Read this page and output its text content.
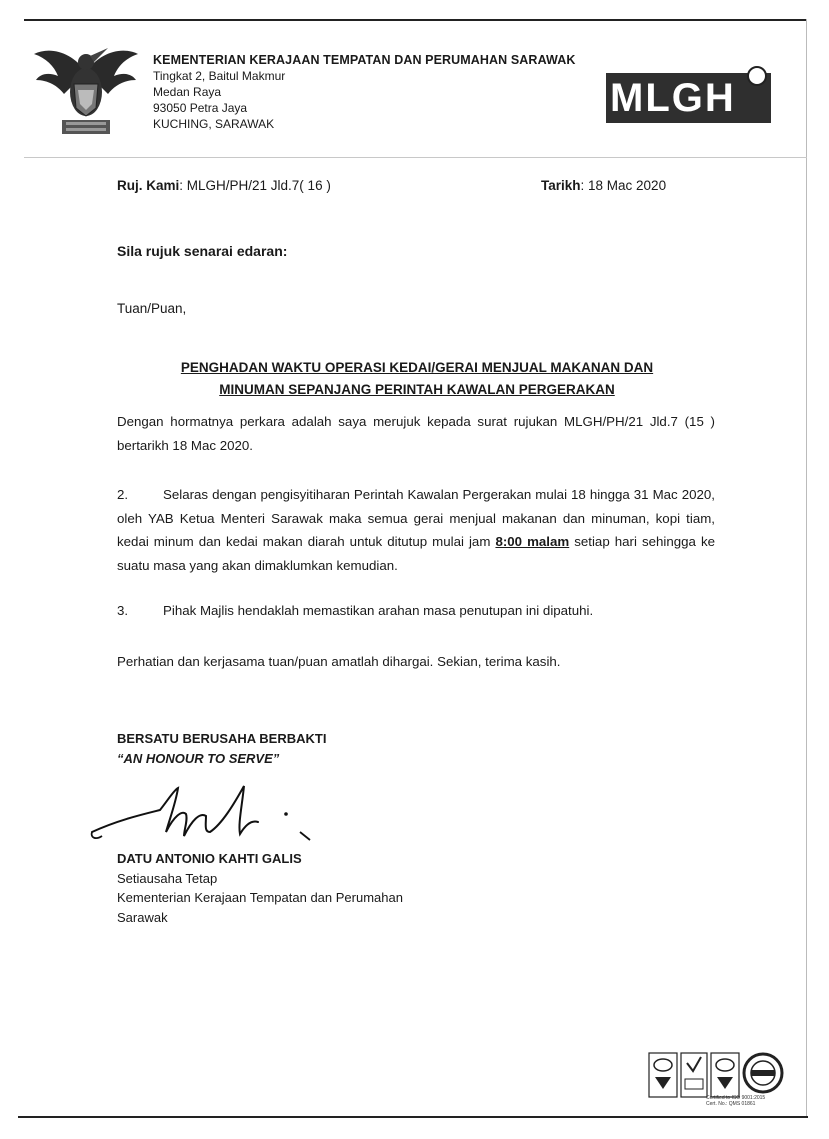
KEMENTERIAN KERAJAAN TEMPATAN DAN PERUMAHAN SARAWAK
Tingkat 2, Baitul Makmur
Medan Raya
93050 Petra Jaya
KUCHING, SARAWAK
MLGH
Ruj. Kami: MLGH/PH/21 Jld.7( 16 )	Tarikh: 18 Mac 2020
Sila rujuk senarai edaran:
Tuan/Puan,
PENGHADAN WAKTU OPERASI KEDAI/GERAI MENJUAL MAKANAN DAN
MINUMAN SEPANJANG PERINTAH KAWALAN PERGERAKAN
Dengan hormatnya perkara adalah saya merujuk kepada surat rujukan MLGH/PH/21 Jld.7 (15 ) bertarikh 18 Mac 2020.
2.	Selaras dengan pengisyitiharan Perintah Kawalan Pergerakan mulai 18 hingga 31 Mac 2020, oleh YAB Ketua Menteri Sarawak maka semua gerai menjual makanan dan minuman, kopi tiam, kedai minum dan kedai makan diarah untuk ditutup mulai jam 8:00 malam setiap hari sehingga ke suatu masa yang akan dimaklumkan kemudian.
3.	Pihak Majlis hendaklah memastikan arahan masa penutupan ini dipatuhi.
Perhatian dan kerjasama tuan/puan amatlah dihargai. Sekian, terima kasih.
BERSATU BERUSAHA BERBAKTI
“AN HONOUR TO SERVE”
DATU ANTONIO KAHTI GALIS
Setiausaha Tetap
Kementerian Kerajaan Tempatan dan Perumahan
Sarawak
Certified to ISO 9001:2015
Cert. No.: QMS 01861
